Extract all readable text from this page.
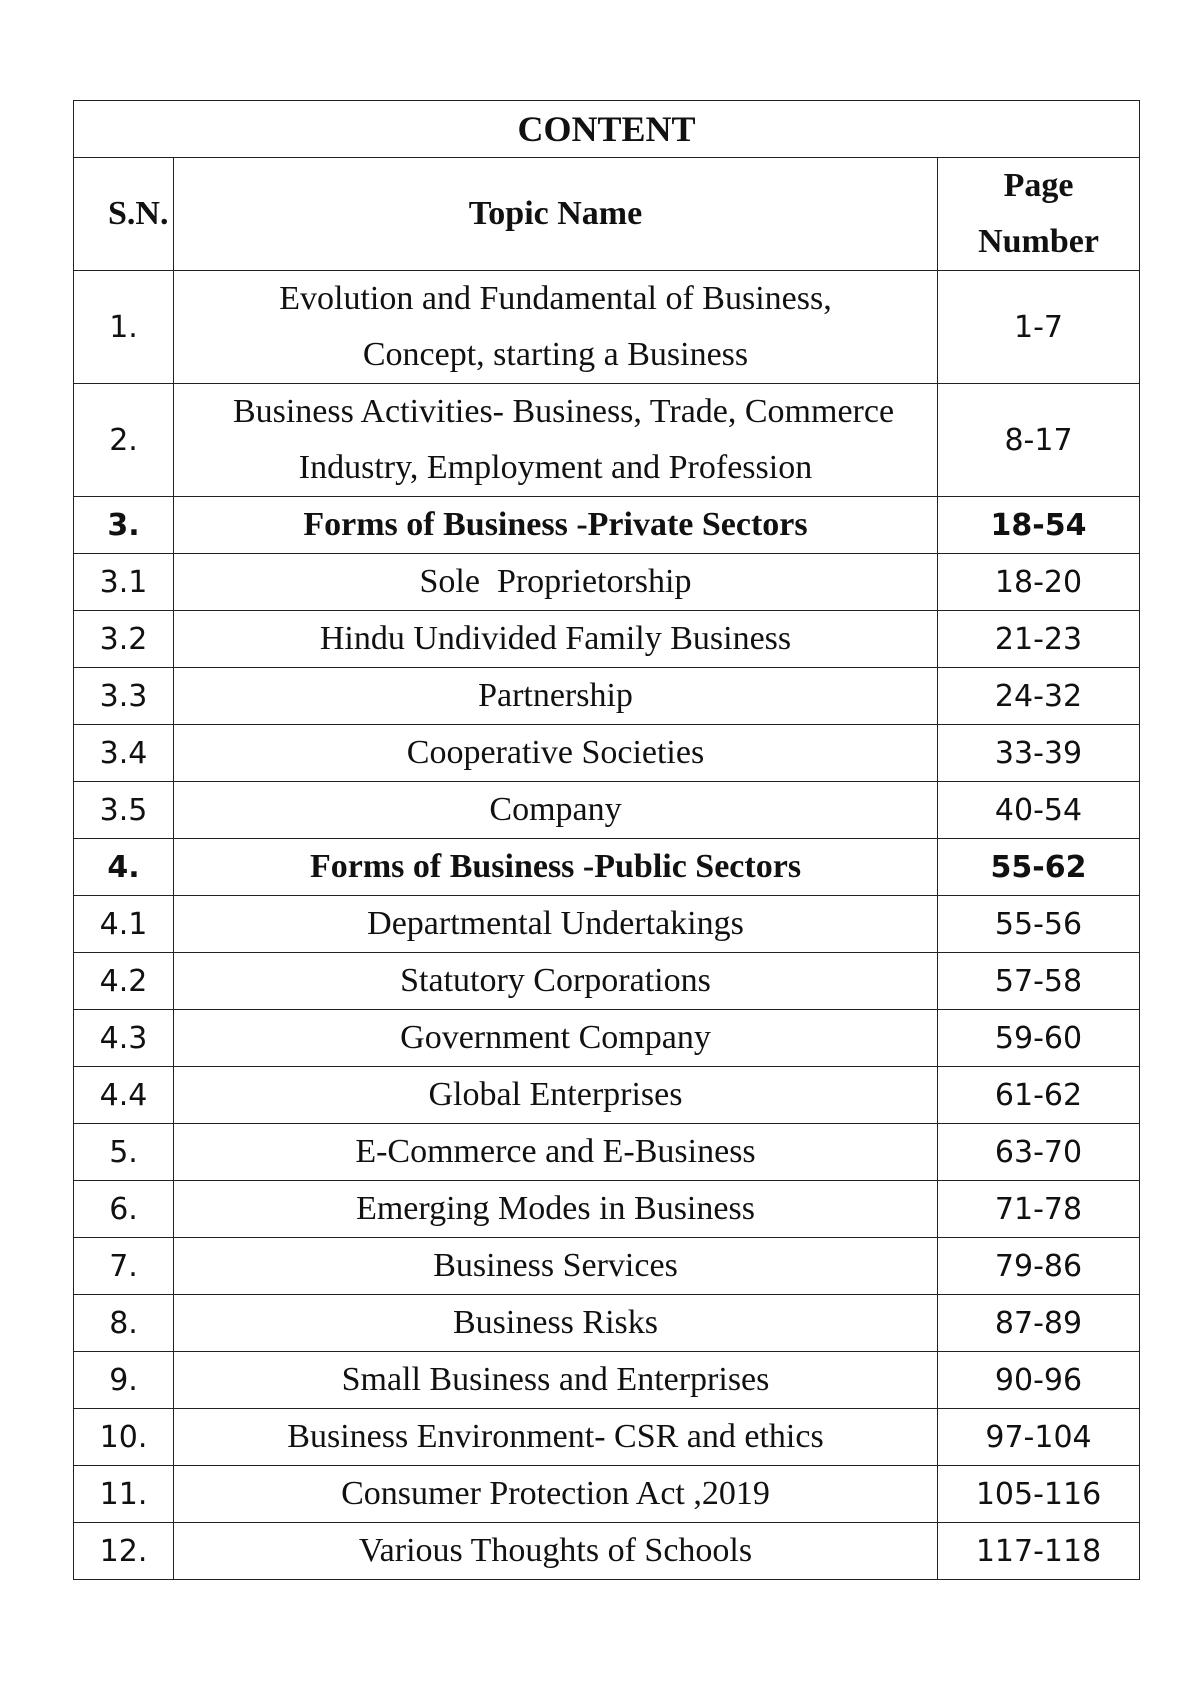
CONTENT		
S.N.	Topic Name	Page
Number
1.	Evolution and Fundamental of Business,
Concept, starting a Business	1-7
2.	Business Activities- Business, Trade, Commerce
Industry, Employment and Profession	8-17
3.	Forms of Business -Private Sectors	18-54
3.1	Sole  Proprietorship	18-20
3.2	Hindu Undivided Family Business	21-23
3.3	Partnership	24-32
3.4	Cooperative Societies	33-39
3.5	Company	40-54
4.	Forms of Business -Public Sectors	55-62
4.1	Departmental Undertakings	55-56
4.2	Statutory Corporations	57-58
4.3	Government Company	59-60
4.4	Global Enterprises	61-62
5.	E-Commerce and E-Business	63-70
6.	Emerging Modes in Business	71-78
7.	Business Services	79-86
8.	Business Risks	87-89
9.	Small Business and Enterprises	90-96
10.	Business Environment- CSR and ethics	97-104
11.	Consumer Protection Act ,2019	105-116
12.	Various Thoughts of Schools	117-118
